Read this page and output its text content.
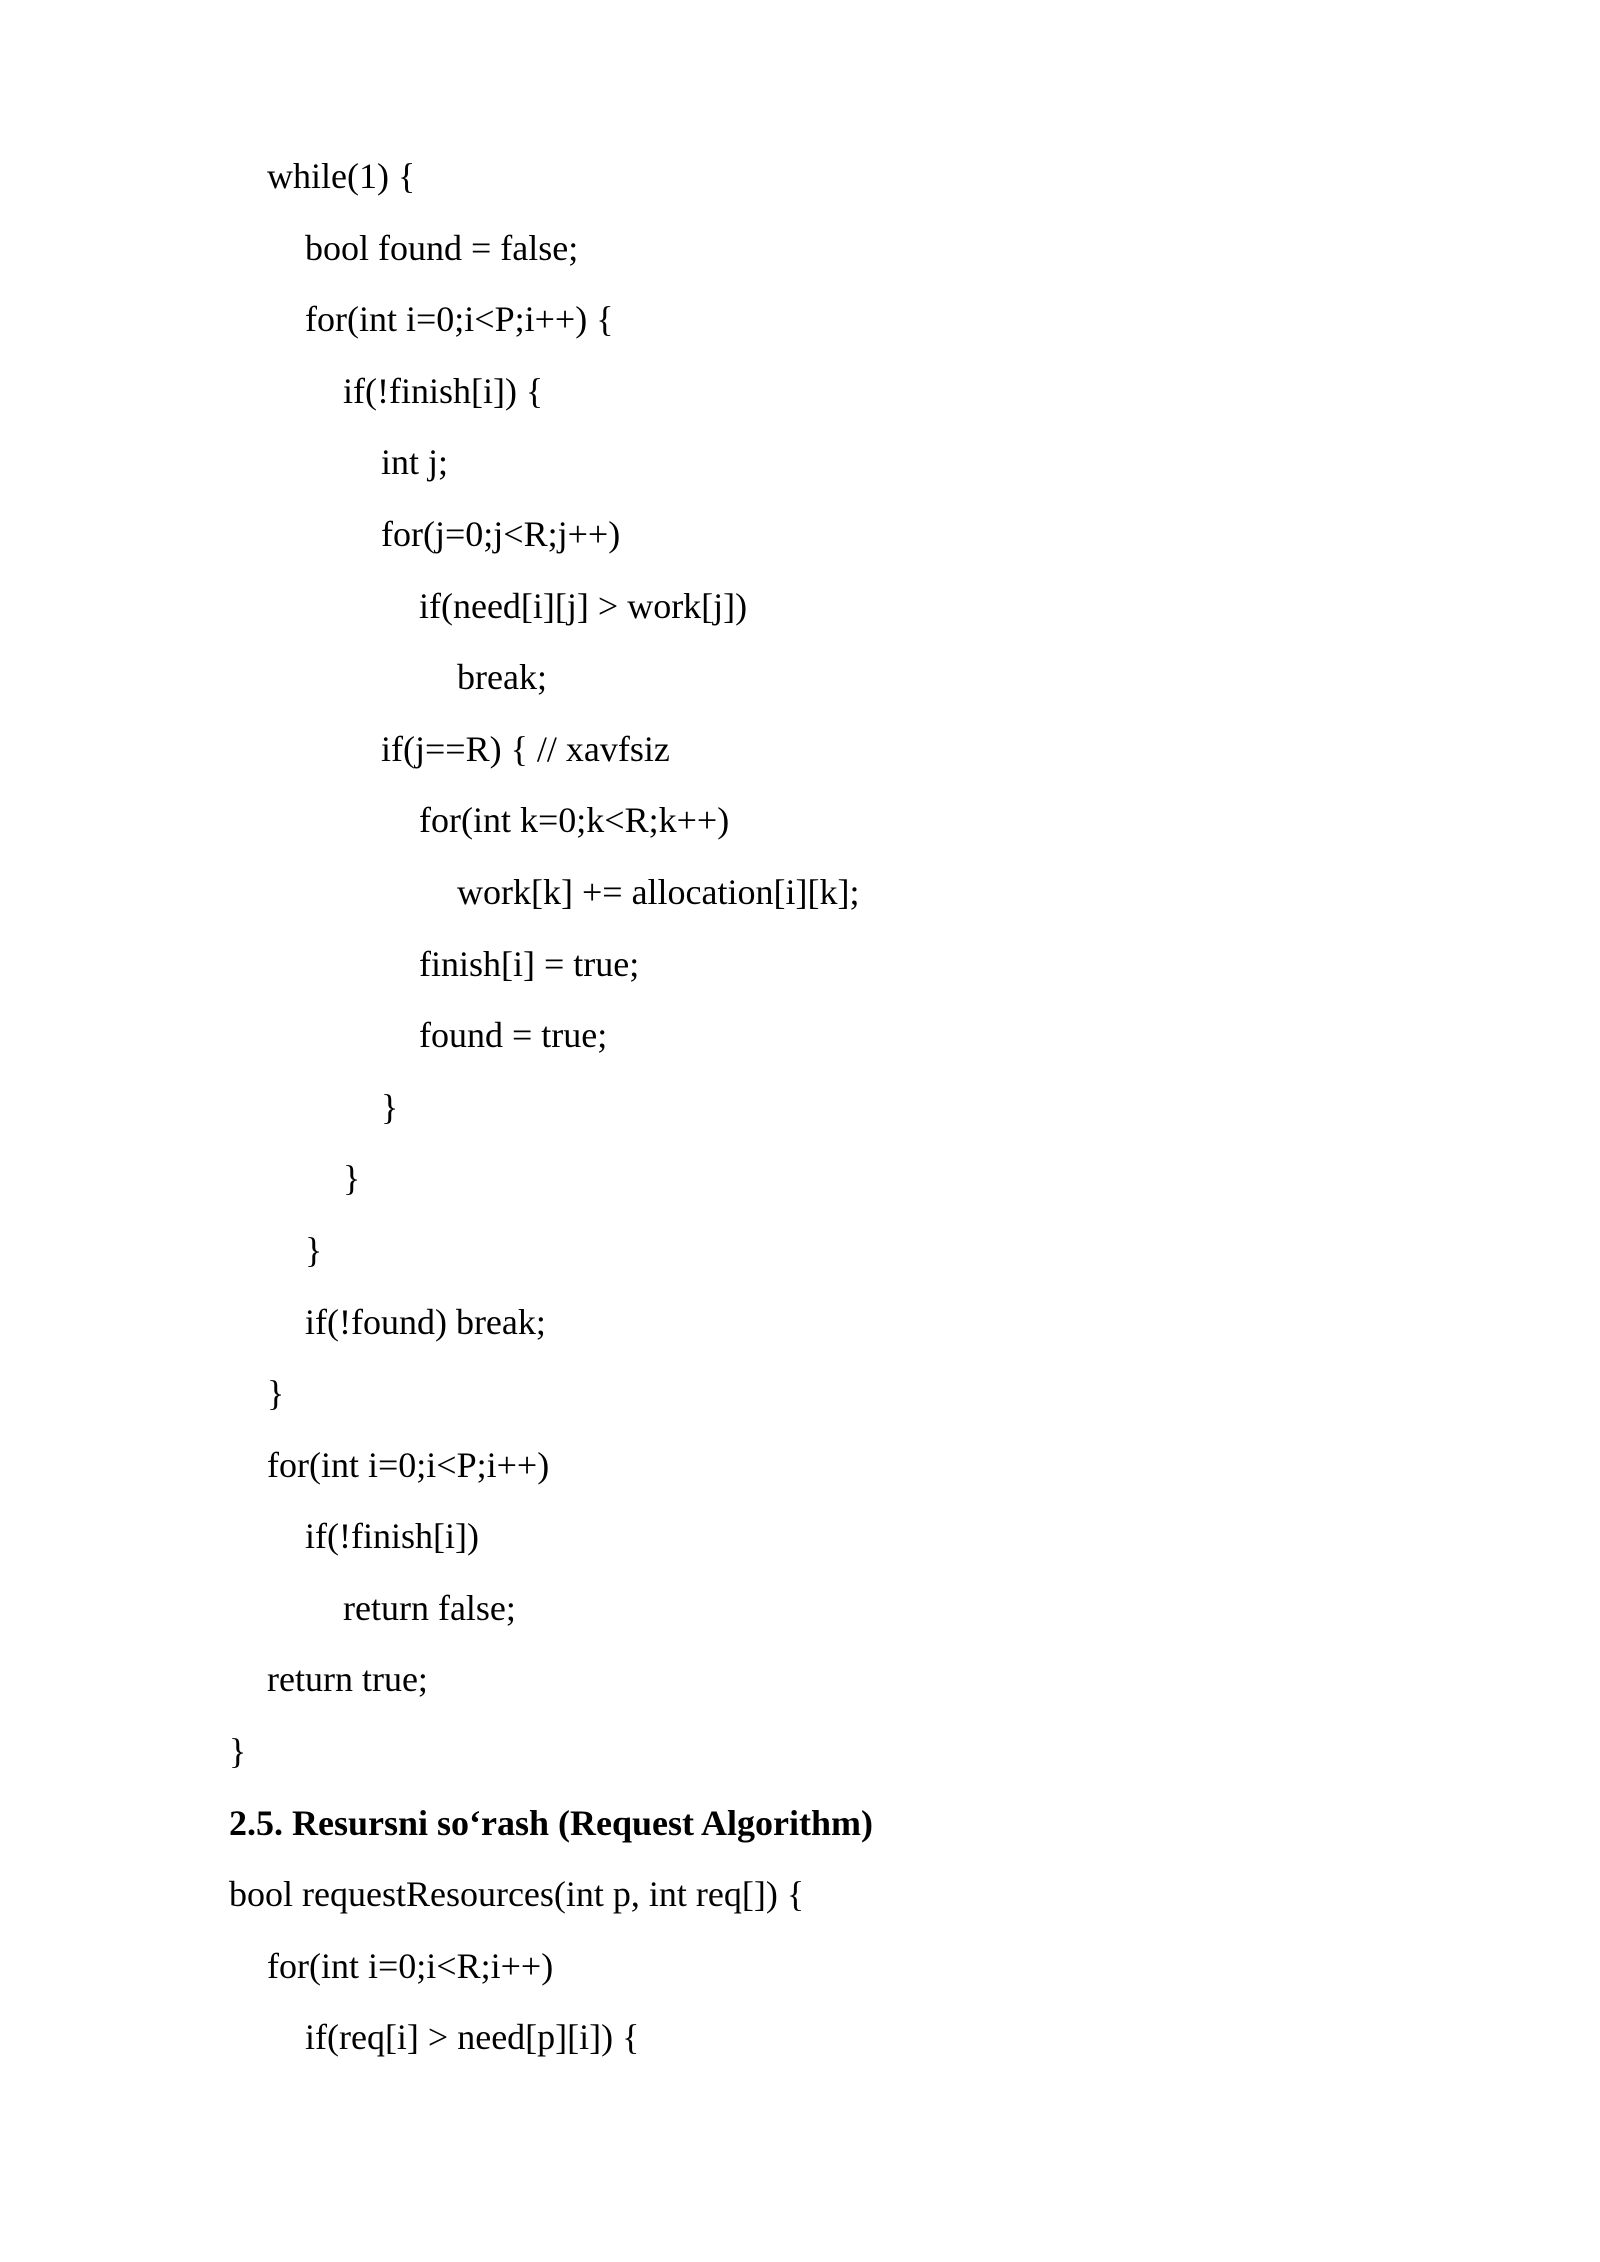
while(1) {
bool found = false;
for(int i=0;i<P;i++) {
if(!finish[i]) {
int j;
for(j=0;j<R;j++)
if(need[i][j] > work[j])
break;
if(j==R) { // xavfsiz
for(int k=0;k<R;k++)
work[k] += allocation[i][k];
finish[i] = true;
found = true;
}
}
}
if(!found) break;
}
for(int i=0;i<P;i++)
if(!finish[i])
return false;
return true;
}
2.5. Resursni so‘rash (Request Algorithm)
bool requestResources(int p, int req[]) {
for(int i=0;i<R;i++)
if(req[i] > need[p][i]) {
